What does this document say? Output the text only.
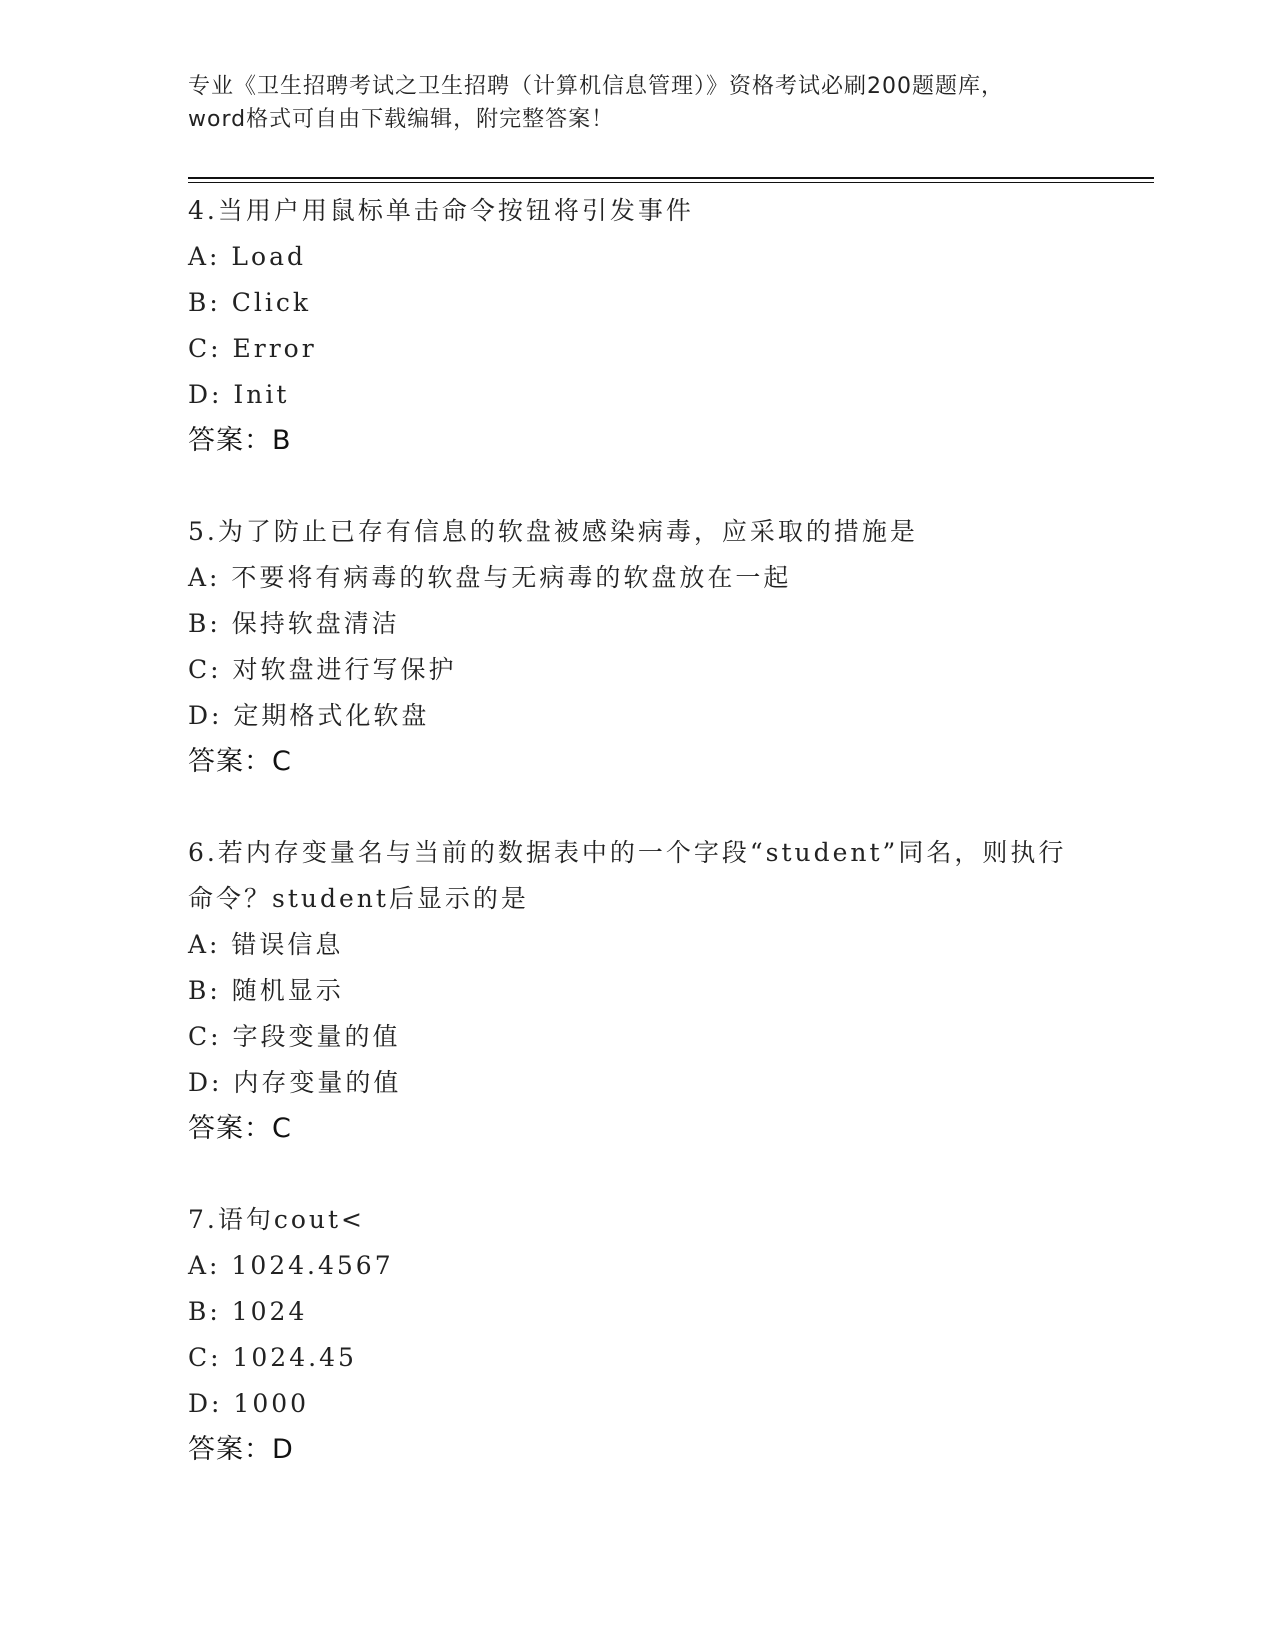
专业《卫生招聘考试之卫生招聘（计算机信息管理）》资格考试必刷200题题库，
word格式可自由下载编辑，附完整答案！
4.当用户用鼠标单击命令按钮将引发事件
A: Load
B: Click
C: Error
D: Init
答案：B
5.为了防止已存有信息的软盘被感染病毒，应采取的措施是
A: 不要将有病毒的软盘与无病毒的软盘放在一起
B: 保持软盘清洁
C: 对软盘进行写保护
D: 定期格式化软盘
答案：C
6.若内存变量名与当前的数据表中的一个字段“student”同名，则执行命令？student后显示的是
A: 错误信息
B: 随机显示
C: 字段变量的值
D: 内存变量的值
答案：C
7.语句cout<
A: 1024.4567
B: 1024
C: 1024.45
D: 1000
答案：D
